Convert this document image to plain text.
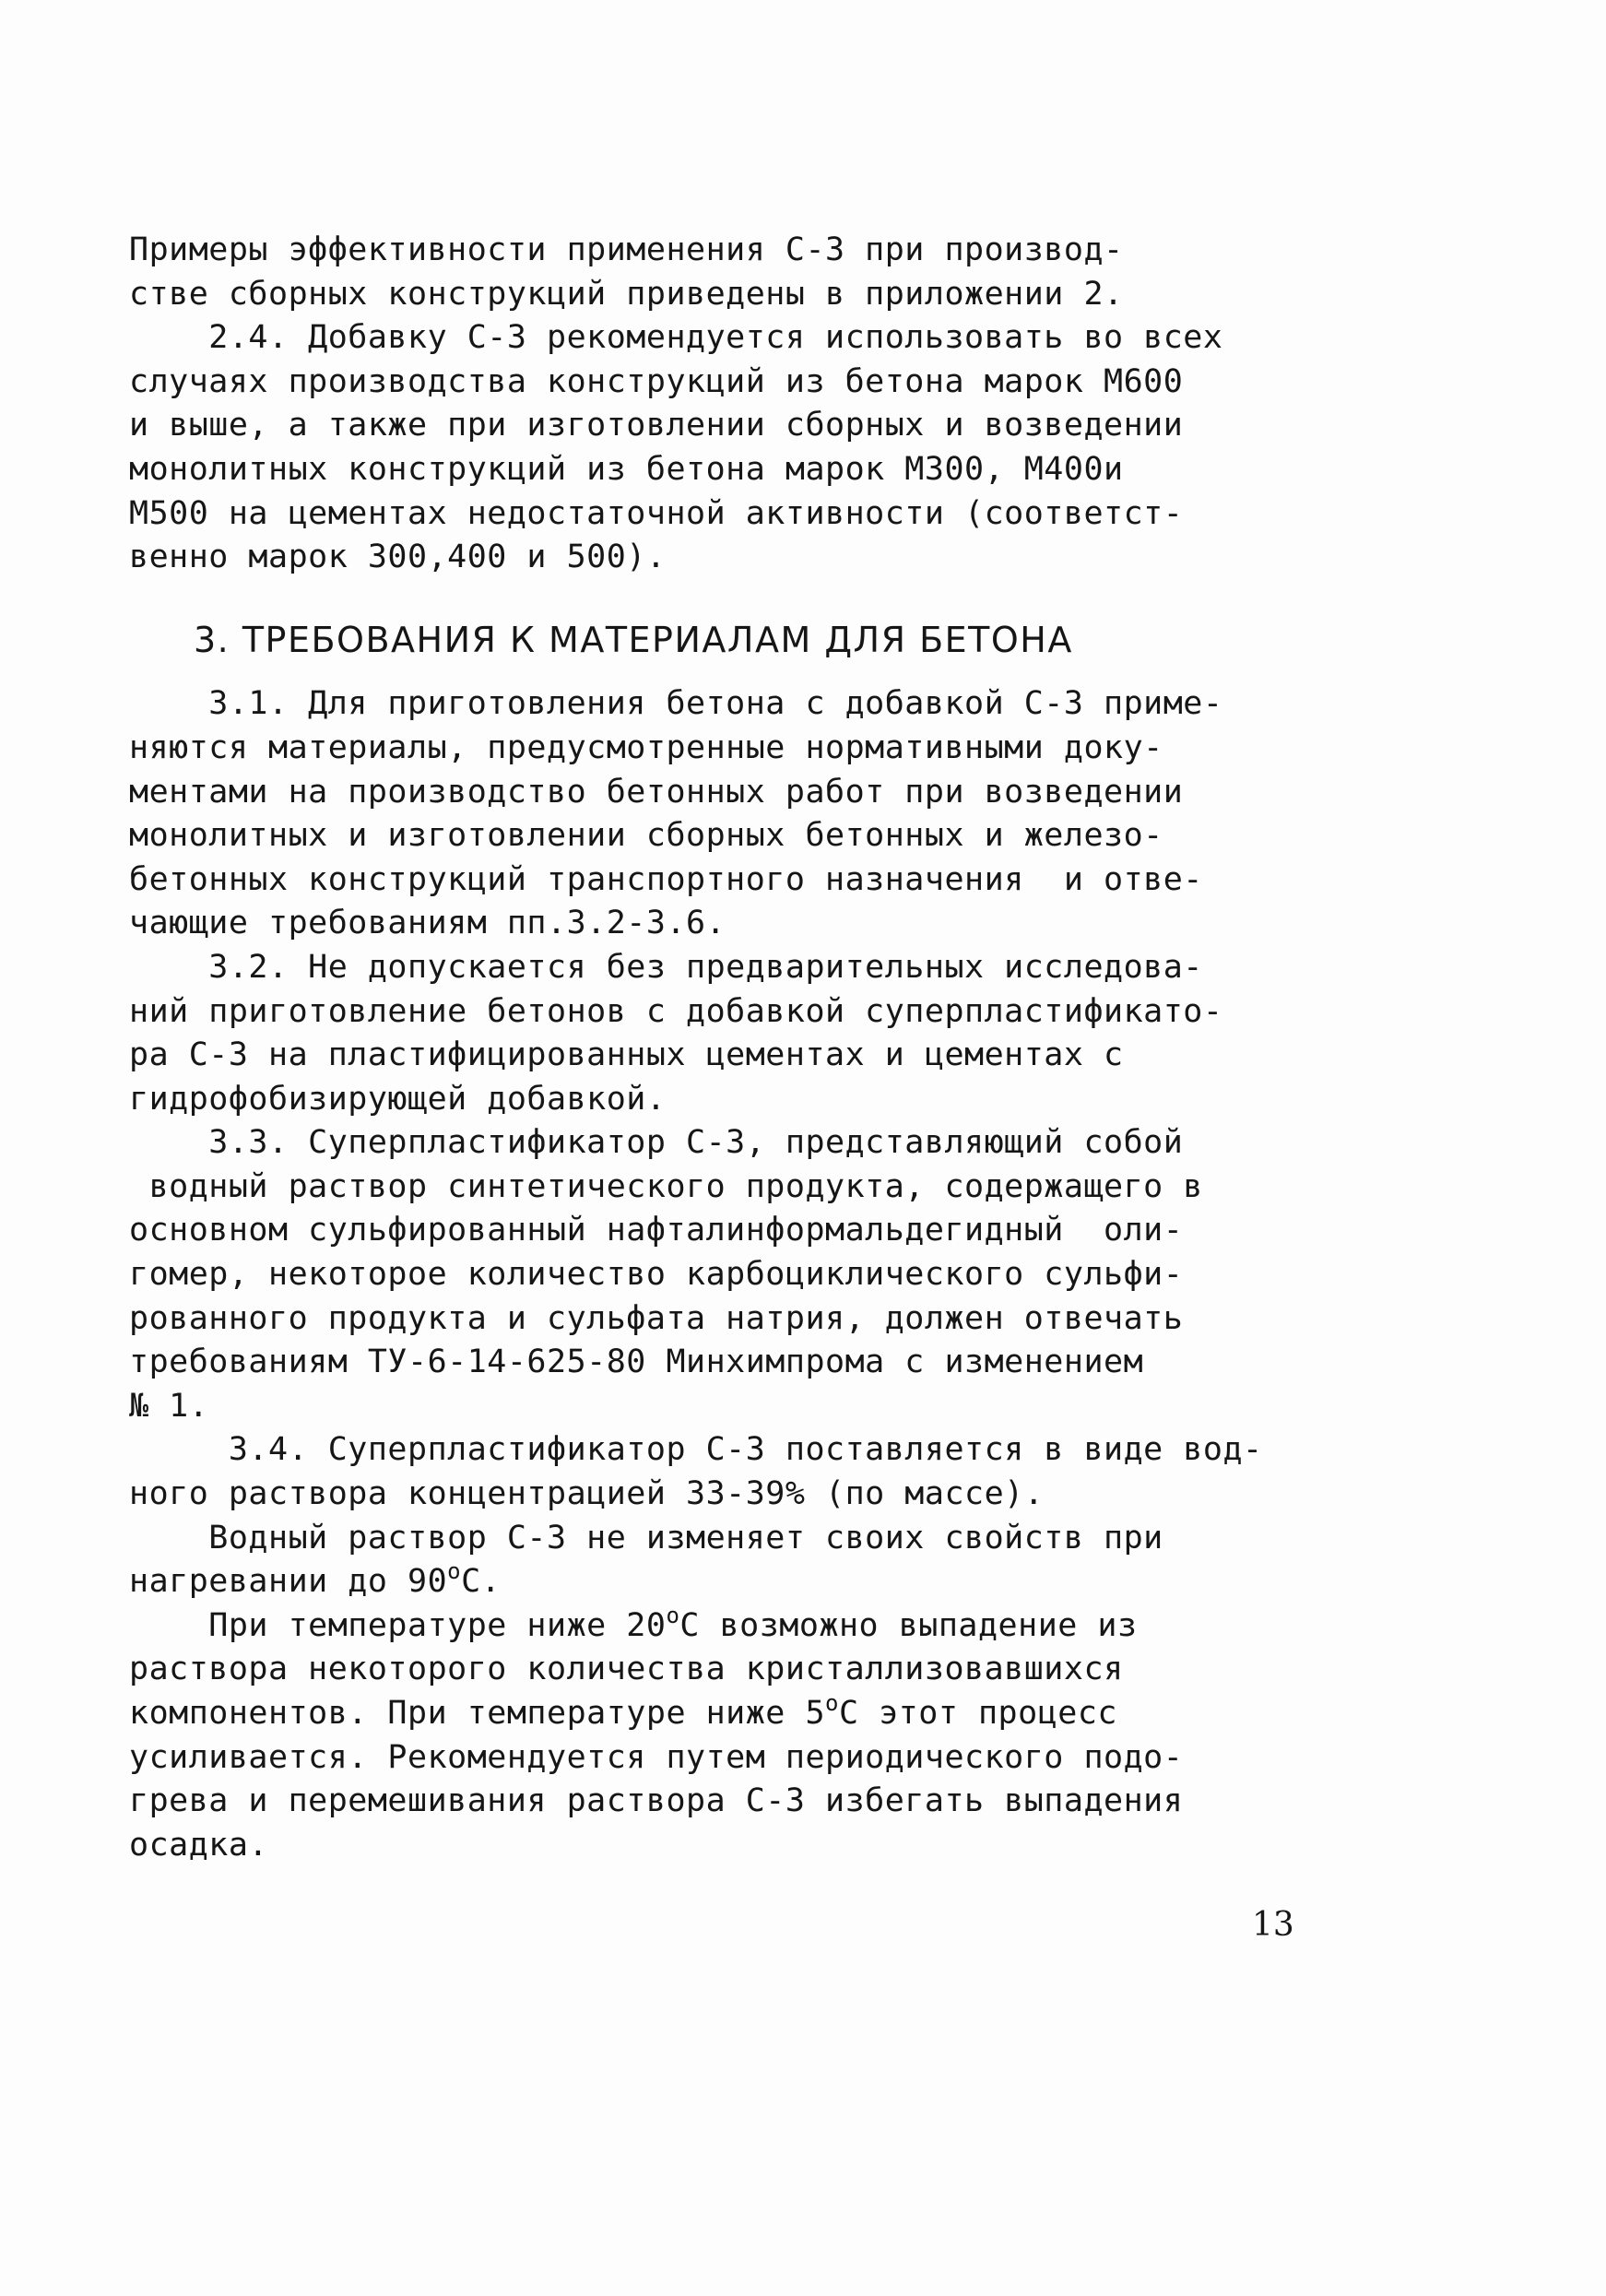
Примеры эффективности применения С-3 при производ-
стве сборных конструкций приведены в приложении 2.
2.4. Добавку С-3 рекомендуется использовать во всех
случаях производства конструкций из бетона марок М600
и выше, а также при изготовлении сборных и возведении
монолитных конструкций из бетона марок М300, М400и
М500 на цементах недостаточной активности (соответст-
венно марок 300,400 и 500).
3. ТРЕБОВАНИЯ К МАТЕРИАЛАМ ДЛЯ БЕТОНА
3.1. Для приготовления бетона с добавкой С-3 приме-
няются материалы, предусмотренные нормативными доку-
ментами на производство бетонных работ при возведении
монолитных и изготовлении сборных бетонных и железо-
бетонных конструкций транспортного назначения  и отве-
чающие требованиям пп.3.2-3.6.
3.2. Не допускается без предварительных исследова-
ний приготовление бетонов с добавкой суперпластификато-
ра С-3 на пластифицированных цементах и цементах с
гидрофобизирующей добавкой.
3.3. Суперпластификатор С-3, представляющий собой
водный раствор синтетического продукта, содержащего в
основном сульфированный нафталинформальдегидный  оли-
гомер, некоторое количество карбоциклического сульфи-
рованного продукта и сульфата натрия, должен отвечать
требованиям ТУ-6-14-625-80 Минхимпрома с изменением
№ 1.
3.4. Суперпластификатор С-3 поставляется в виде вод-
ного раствора концентрацией 33-39% (по массе).
Водный раствор С-3 не изменяет своих свойств при
нагревании до $90^оС$.
При температуре ниже $20^оС$ возможно выпадение из
раствора некоторого количества кристаллизовавшихся
компонентов. При температуре ниже $5^оС$ этот процесс
усиливается. Рекомендуется путем периодического подо-
грева и перемешивания раствора С-3 избегать выпадения
осадка.
13
